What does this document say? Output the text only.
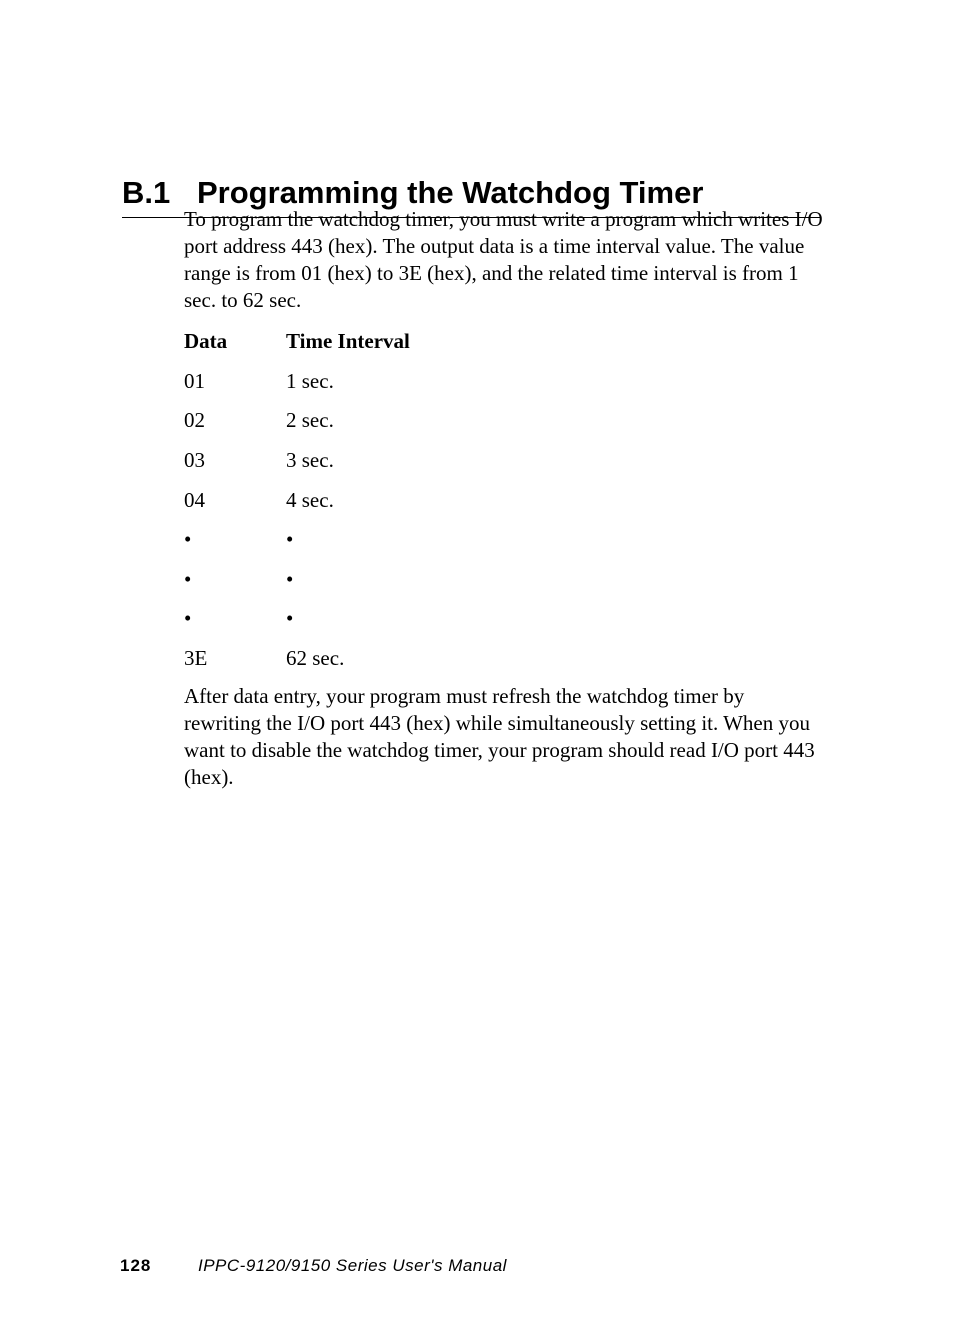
B.1 Programming the Watchdog Timer

To program the watchdog timer, you must write a program which writes I/O port address 443 (hex). The output data is a time interval value. The value range is from 01 (hex) to 3E (hex), and the related time interval is from 1 sec. to 62 sec.

Data	Time Interval
01	1 sec.
02	2 sec.
03	3 sec.
04	4 sec.
•	•
•	•
•	•
3E	62 sec.

After data entry, your program must refresh the watchdog timer by rewriting the I/O port 443 (hex) while simultaneously setting it. When you want to disable the watchdog timer, your program should read I/O port 443 (hex).

128	IPPC-9120/9150 Series User's Manual
